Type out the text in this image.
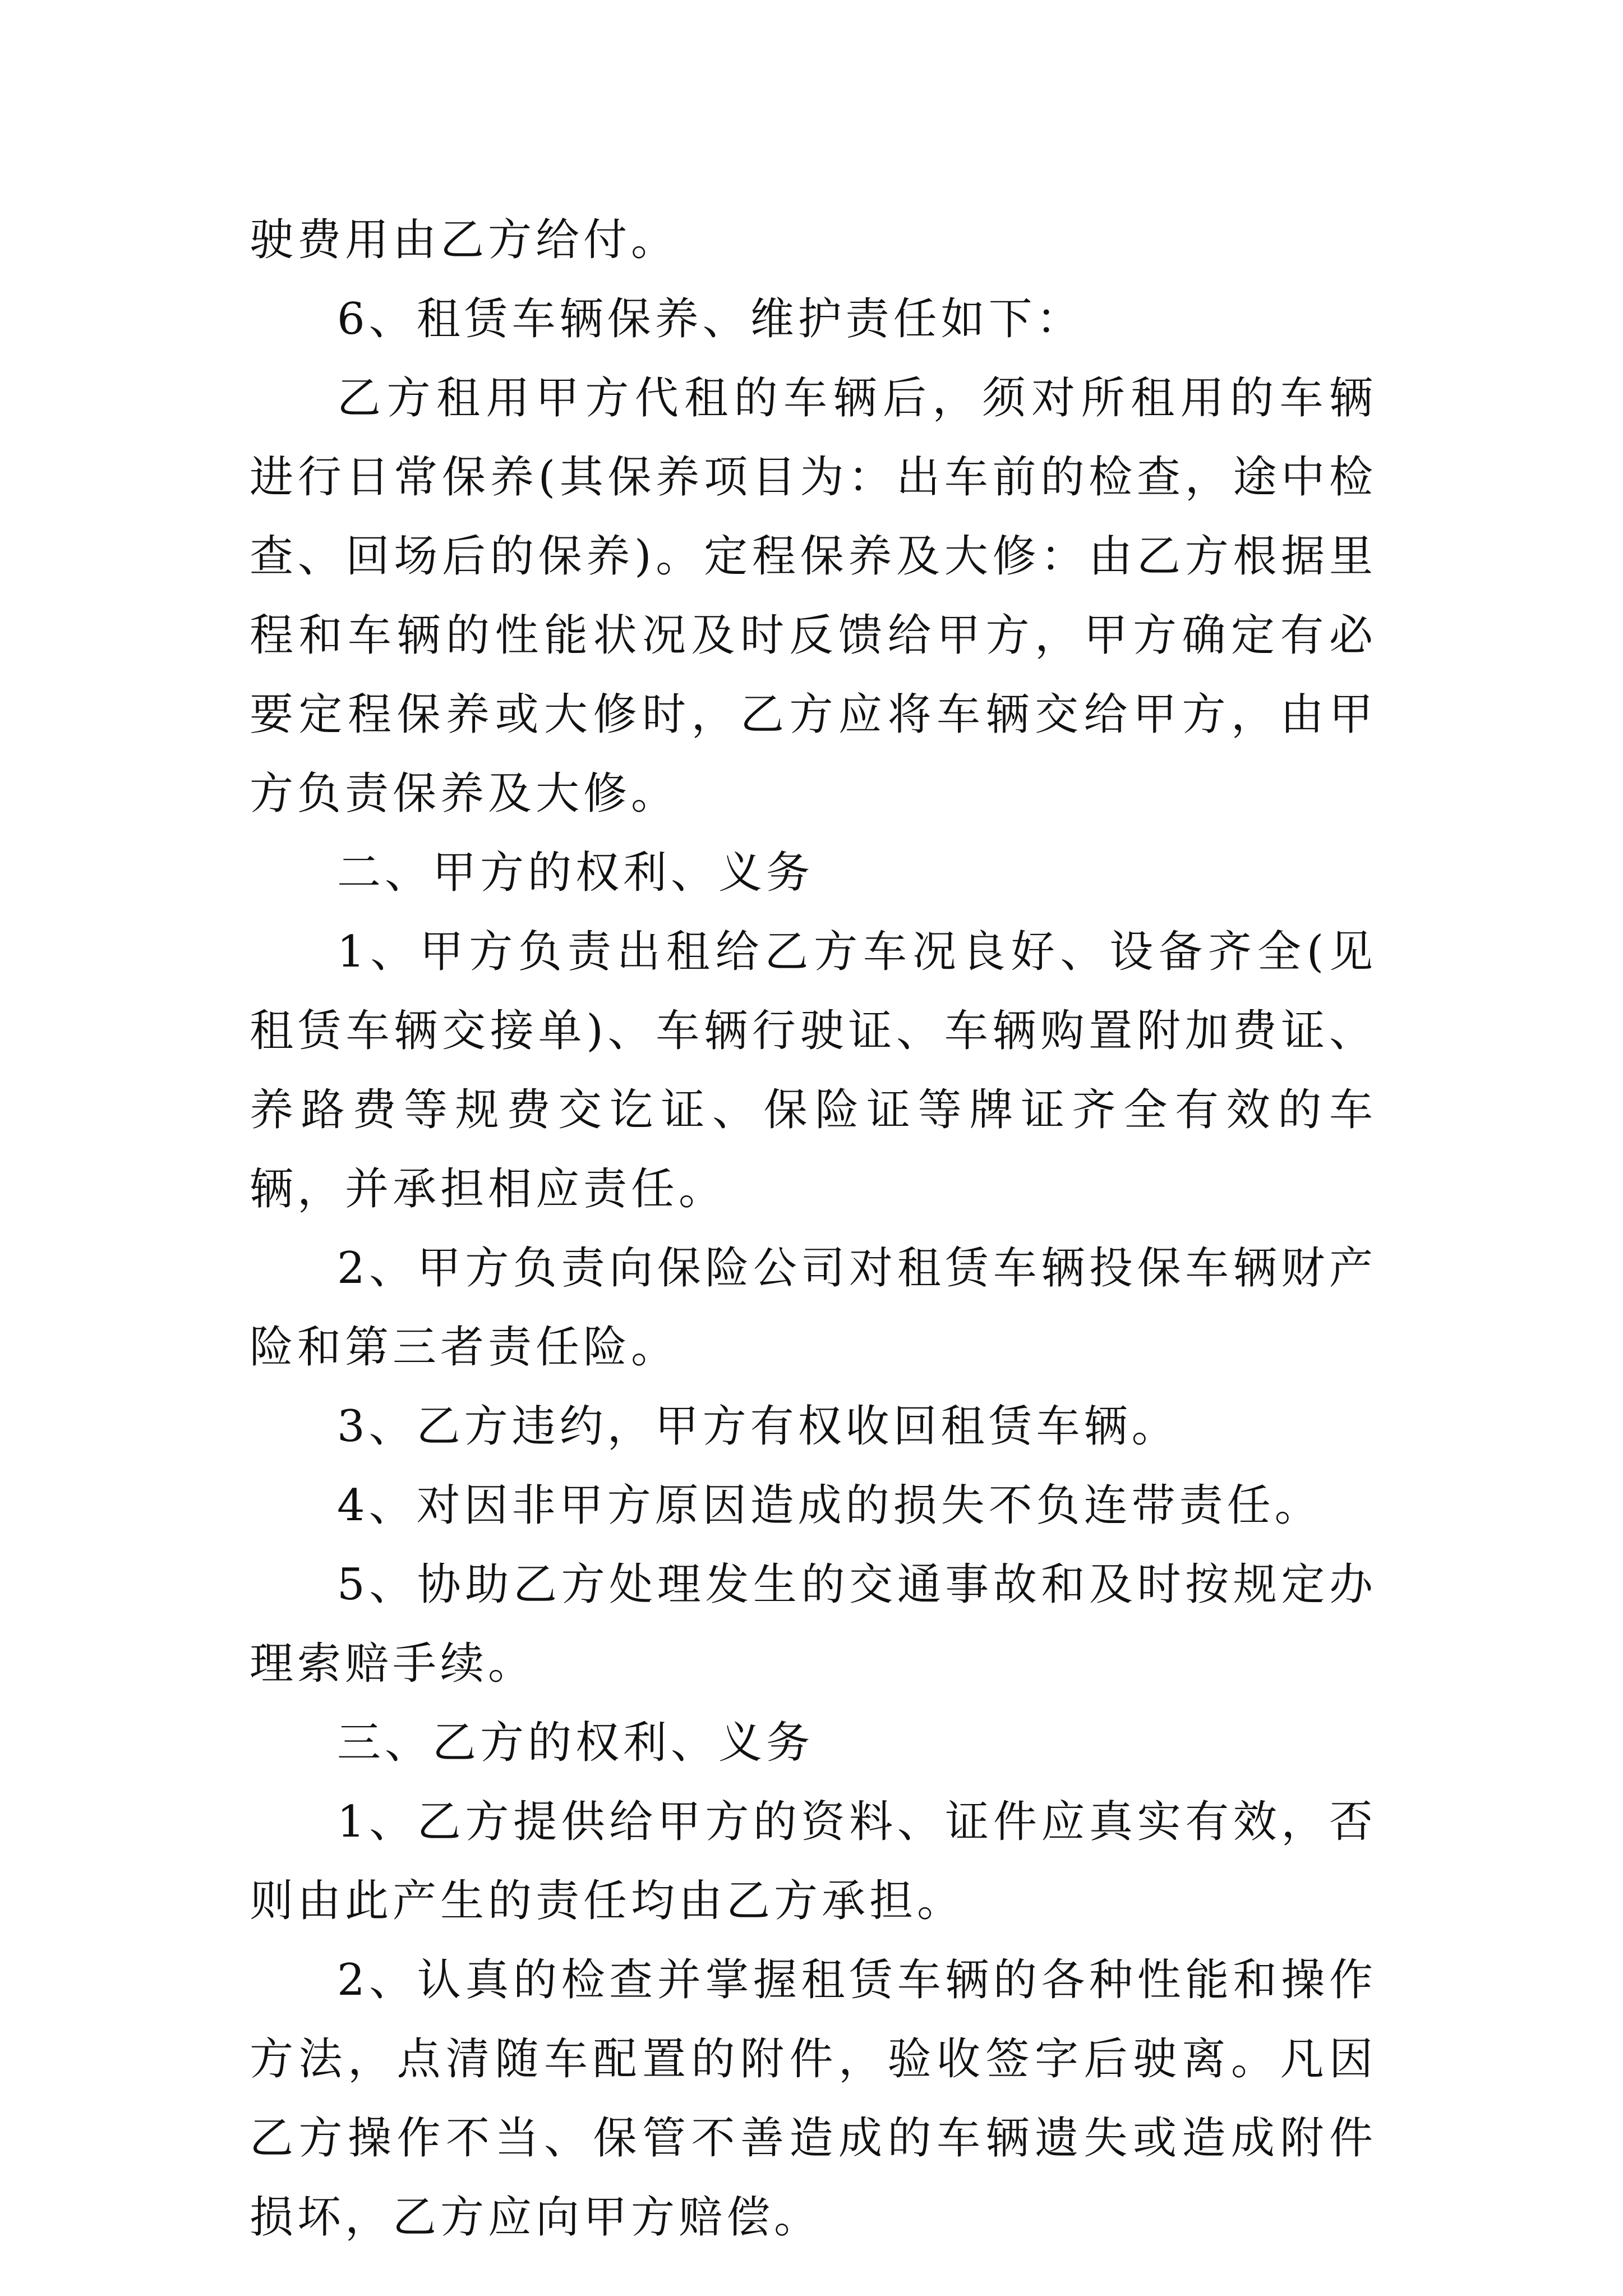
驶费用由乙方给付。

6、租赁车辆保养、维护责任如下：

乙方租用甲方代租的车辆后，须对所租用的车辆进行日常保养(其保养项目为：出车前的检查，途中检查、回场后的保养)。定程保养及大修：由乙方根据里程和车辆的性能状况及时反馈给甲方，甲方确定有必要定程保养或大修时，乙方应将车辆交给甲方，由甲方负责保养及大修。

二、甲方的权利、义务

1、甲方负责出租给乙方车况良好、设备齐全(见租赁车辆交接单)、车辆行驶证、车辆购置附加费证、养路费等规费交讫证、保险证等牌证齐全有效的车辆，并承担相应责任。

2、甲方负责向保险公司对租赁车辆投保车辆财产险和第三者责任险。

3、乙方违约，甲方有权收回租赁车辆。

4、对因非甲方原因造成的损失不负连带责任。

5、协助乙方处理发生的交通事故和及时按规定办理索赔手续。

三、乙方的权利、义务

1、乙方提供给甲方的资料、证件应真实有效，否则由此产生的责任均由乙方承担。

2、认真的检查并掌握租赁车辆的各种性能和操作方法，点清随车配置的附件，验收签字后驶离。凡因乙方操作不当、保管不善造成的车辆遗失或造成附件损坏，乙方应向甲方赔偿。
